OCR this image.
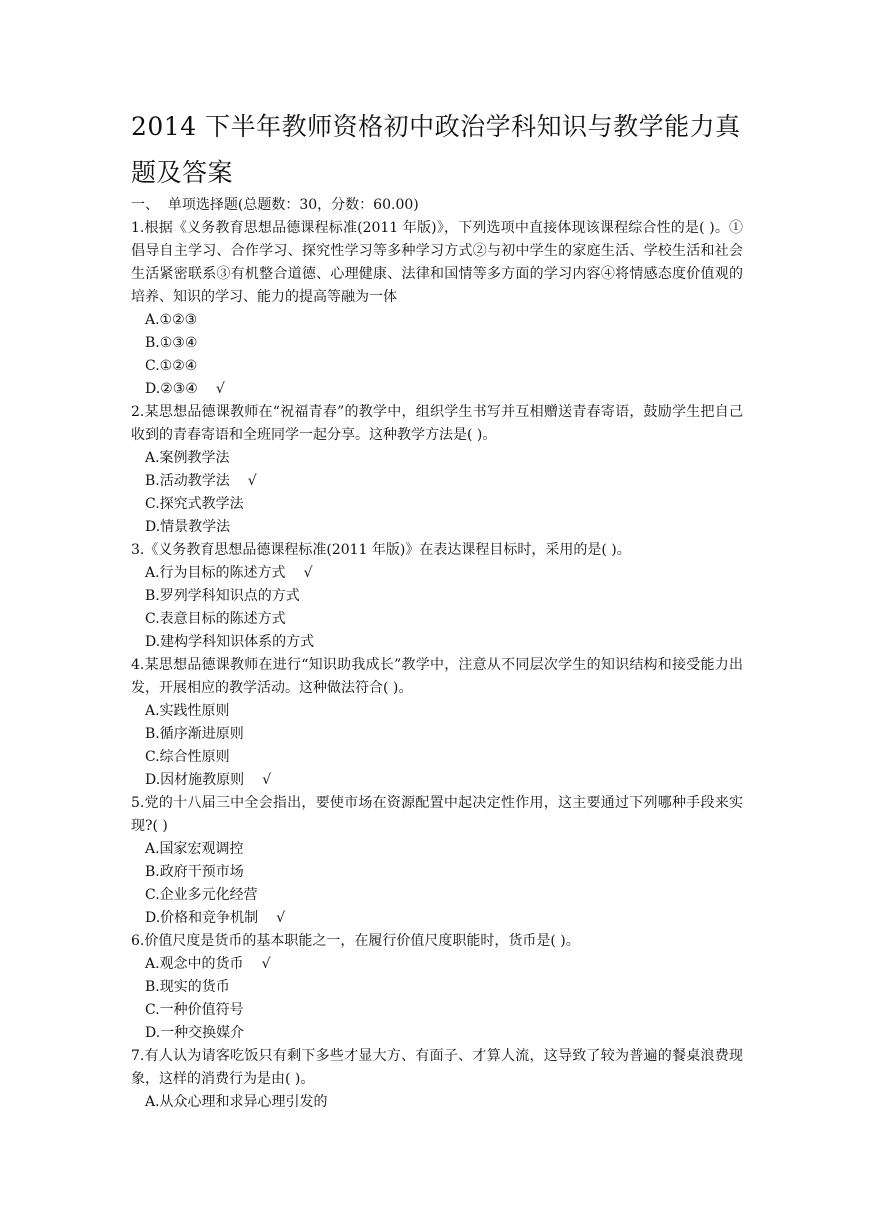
2014 下半年教师资格初中政治学科知识与教学能力真题及答案

一、  单项选择题(总题数：30，分数：60.00)

1.根据《义务教育思想品德课程标准(2011 年版)》，下列选项中直接体现该课程综合性的是( )。①倡导自主学习、合作学习、探究性学习等多种学习方式②与初中学生的家庭生活、学校生活和社会生活紧密联系③有机整合道德、心理健康、法律和国情等多方面的学习内容④将情感态度价值观的培养、知识的学习、能力的提高等融为一体

A.①②③
B.①③④
C.①②④
D.②③④ √

2.某思想品德课教师在“祝福青春”的教学中，组织学生书写并互相赠送青春寄语，鼓励学生把自己收到的青春寄语和全班同学一起分享。这种教学方法是( )。

A.案例教学法
B.活动教学法 √
C.探究式教学法
D.情景教学法

3.《义务教育思想品德课程标准(2011 年版)》在表达课程目标时，采用的是( )。

A.行为目标的陈述方式 √
B.罗列学科知识点的方式
C.表意目标的陈述方式
D.建构学科知识体系的方式

4.某思想品德课教师在进行“知识助我成长”教学中，注意从不同层次学生的知识结构和接受能力出发，开展相应的教学活动。这种做法符合( )。

A.实践性原则
B.循序渐进原则
C.综合性原则
D.因材施教原则 √

5.党的十八届三中全会指出，要使市场在资源配置中起决定性作用，这主要通过下列哪种手段来实现?( )

A.国家宏观调控
B.政府干预市场
C.企业多元化经营
D.价格和竞争机制 √

6.价值尺度是货币的基本职能之一，在履行价值尺度职能时，货币是( )。

A.观念中的货币 √
B.现实的货币
C.一种价值符号
D.一种交换媒介

7.有人认为请客吃饭只有剩下多些才显大方、有面子、才算人流，这导致了较为普遍的餐桌浪费现象，这样的消费行为是由( )。

A.从众心理和求异心理引发的
